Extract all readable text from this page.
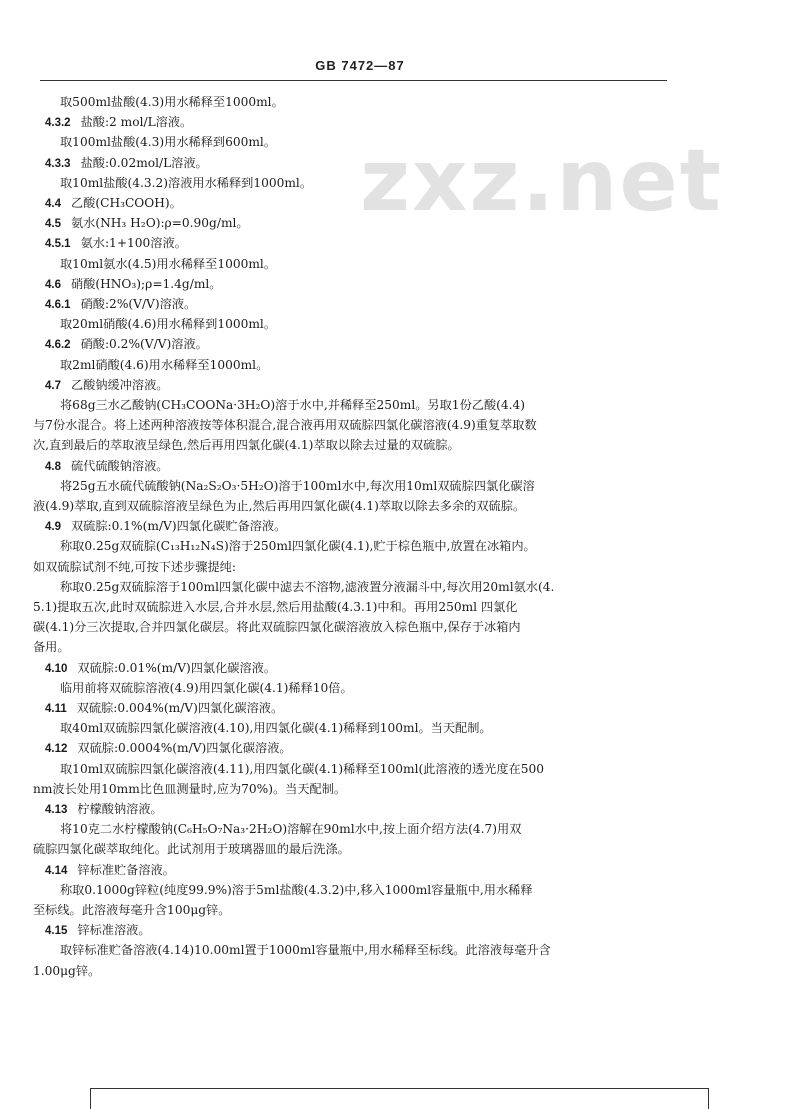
zxz.net
GB 7472—87
取500ml盐酸(4.3)用水稀释至1000ml。
4.3.2 盐酸:2 mol/L溶液。
取100ml盐酸(4.3)用水稀释到600ml。
4.3.3 盐酸:0.02mol/L溶液。
取10ml盐酸(4.3.2)溶液用水稀释到1000ml。
4.4 乙酸(CH₃COOH)。
4.5 氨水(NH₃ H₂O):ρ=0.90g/ml。
4.5.1 氨水:1+100溶液。
取10ml氨水(4.5)用水稀释至1000ml。
4.6 硝酸(HNO₃);ρ=1.4g/ml。
4.6.1 硝酸:2%(V/V)溶液。
取20ml硝酸(4.6)用水稀释到1000ml。
4.6.2 硝酸:0.2%(V/V)溶液。
取2ml硝酸(4.6)用水稀释至1000ml。
4.7 乙酸钠缓冲溶液。
将68g三水乙酸钠(CH₃COONa·3H₂O)溶于水中,并稀释至250ml。另取1份乙酸(4.4)
与7份水混合。将上述两种溶液按等体积混合,混合液再用双硫腙四氯化碳溶液(4.9)重复萃取数
次,直到最后的萃取液呈绿色,然后再用四氯化碳(4.1)萃取以除去过量的双硫腙。
4.8 硫代硫酸钠溶液。
将25g五水硫代硫酸钠(Na₂S₂O₃·5H₂O)溶于100ml水中,每次用10ml双硫腙四氯化碳溶
液(4.9)萃取,直到双硫腙溶液呈绿色为止,然后再用四氯化碳(4.1)萃取以除去多余的双硫腙。
4.9 双硫腙:0.1%(m/V)四氯化碳贮备溶液。
称取0.25g双硫腙(C₁₃H₁₂N₄S)溶于250ml四氯化碳(4.1),贮于棕色瓶中,放置在冰箱内。
如双硫腙试剂不纯,可按下述步骤提纯:
称取0.25g双硫腙溶于100ml四氯化碳中滤去不溶物,滤液置分液漏斗中,每次用20ml氨水(4.
5.1)提取五次,此时双硫腙进入水层,合并水层,然后用盐酸(4.3.1)中和。再用250ml 四氯化
碳(4.1)分三次提取,合并四氯化碳层。将此双硫腙四氯化碳溶液放入棕色瓶中,保存于冰箱内
备用。
4.10 双硫腙:0.01%(m/V)四氯化碳溶液。
临用前将双硫腙溶液(4.9)用四氯化碳(4.1)稀释10倍。
4.11 双硫腙:0.004%(m/V)四氯化碳溶液。
取40ml双硫腙四氯化碳溶液(4.10),用四氯化碳(4.1)稀释到100ml。当天配制。
4.12 双硫腙:0.0004%(m/V)四氯化碳溶液。
取10ml双硫腙四氯化碳溶液(4.11),用四氯化碳(4.1)稀释至100ml(此溶液的透光度在500
nm波长处用10mm比色皿测量时,应为70%)。当天配制。
4.13 柠檬酸钠溶液。
将10克二水柠檬酸钠(C₆H₅O₇Na₃·2H₂O)溶解在90ml水中,按上面介绍方法(4.7)用双
硫腙四氯化碳萃取纯化。此试剂用于玻璃器皿的最后洗涤。
4.14 锌标准贮备溶液。
称取0.1000g锌粒(纯度99.9%)溶于5ml盐酸(4.3.2)中,移入1000ml容量瓶中,用水稀释
至标线。此溶液每毫升含100μg锌。
4.15 锌标准溶液。
取锌标准贮备溶液(4.14)10.00ml置于1000ml容量瓶中,用水稀释至标线。此溶液每毫升含
1.00μg锌。
